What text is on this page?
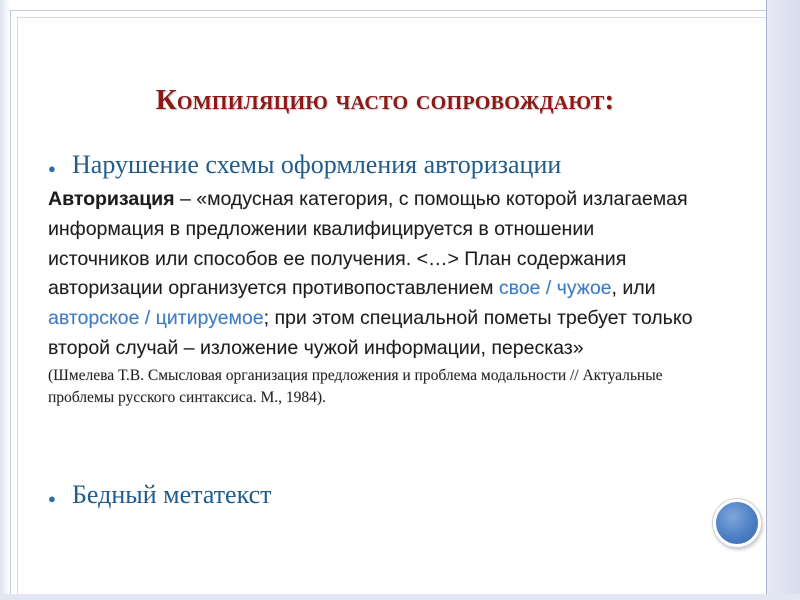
Компиляцию часто сопровождают:
● Нарушение схемы оформления авторизации
Авторизация – «модусная категория, с помощью которой излагаемая информация в предложении квалифицируется в отношении источников или способов ее получения. <…> План содержания авторизации организуется противопоставлением свое / чужое, или авторское / цитируемое; при этом специальной пометы требует только второй случай – изложение чужой информации, пересказ»
(Шмелева Т.В. Смысловая организация предложения и проблема модальности // Актуальные проблемы русского синтаксиса. М., 1984).
● Бедный метатекст
